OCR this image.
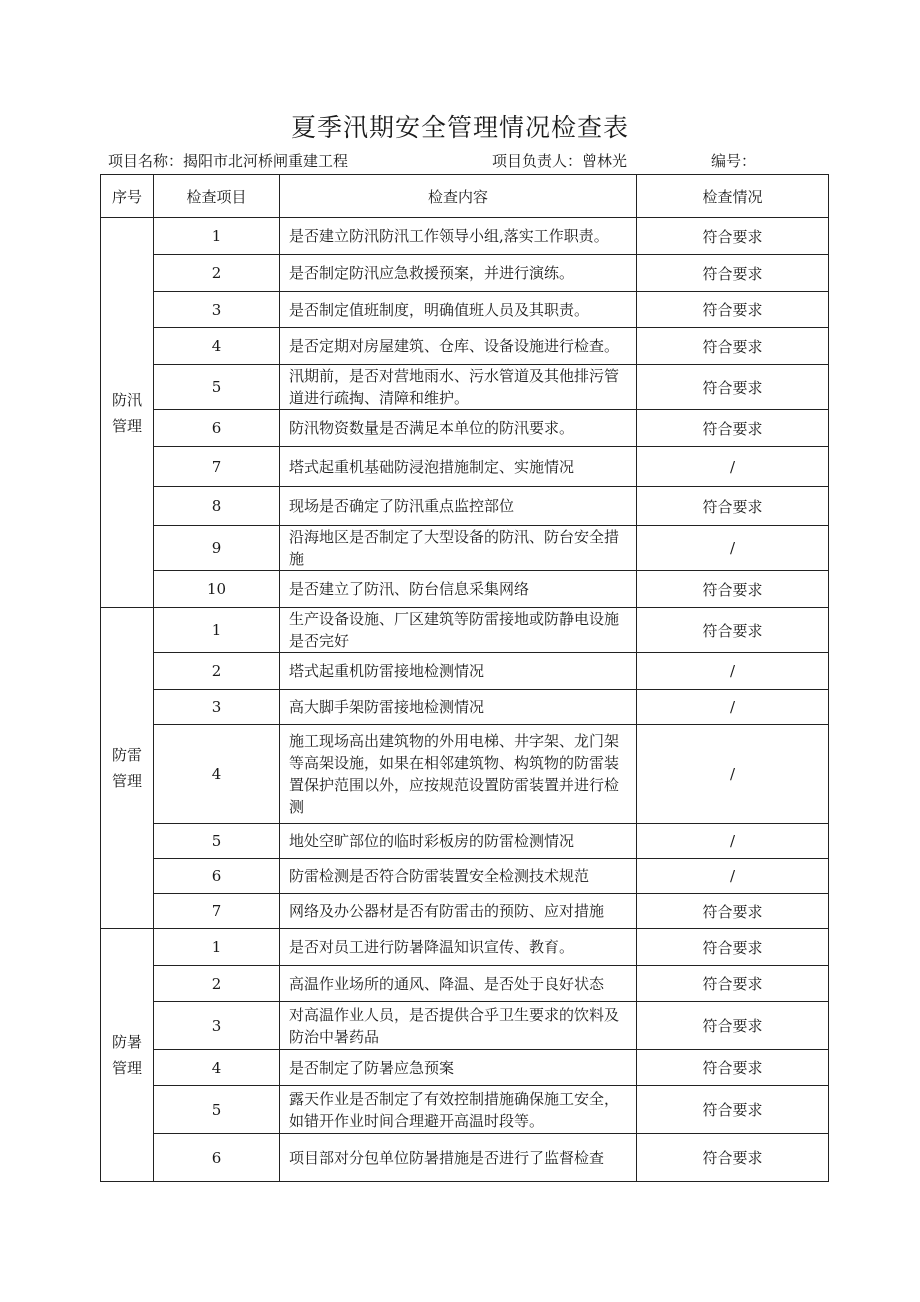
夏季汛期安全管理情况检查表
项目名称：揭阳市北河桥闸重建工程	项目负责人：曾林光	编号：
序号	检查项目	检查内容	检查情况
防汛管理	1	是否建立防汛防汛工作领导小组,落实工作职责。	符合要求
	2	是否制定防汛应急救援预案，并进行演练。	符合要求
	3	是否制定值班制度，明确值班人员及其职责。	符合要求
	4	是否定期对房屋建筑、仓库、设备设施进行检查。	符合要求
	5	汛期前，是否对营地雨水、污水管道及其他排污管道进行疏掏、清障和维护。	符合要求
	6	防汛物资数量是否满足本单位的防汛要求。	符合要求
	7	塔式起重机基础防浸泡措施制定、实施情况	/
	8	现场是否确定了防汛重点监控部位	符合要求
	9	沿海地区是否制定了大型设备的防汛、防台安全措施	/
	10	是否建立了防汛、防台信息采集网络	符合要求
防雷管理	1	生产设备设施、厂区建筑等防雷接地或防静电设施是否完好	符合要求
	2	塔式起重机防雷接地检测情况	/
	3	高大脚手架防雷接地检测情况	/
	4	施工现场高出建筑物的外用电梯、井字架、龙门架等高架设施，如果在相邻建筑物、构筑物的防雷装置保护范围以外，应按规范设置防雷装置并进行检测	/
	5	地处空旷部位的临时彩板房的防雷检测情况	/
	6	防雷检测是否符合防雷装置安全检测技术规范	/
	7	网络及办公器材是否有防雷击的预防、应对措施	符合要求
防暑管理	1	是否对员工进行防暑降温知识宣传、教育。	符合要求
	2	高温作业场所的通风、降温、是否处于良好状态	符合要求
	3	对高温作业人员，是否提供合乎卫生要求的饮料及防治中暑药品	符合要求
	4	是否制定了防暑应急预案	符合要求
	5	露天作业是否制定了有效控制措施确保施工安全，如错开作业时间合理避开高温时段等。	符合要求
	6	项目部对分包单位防暑措施是否进行了监督检查	符合要求
